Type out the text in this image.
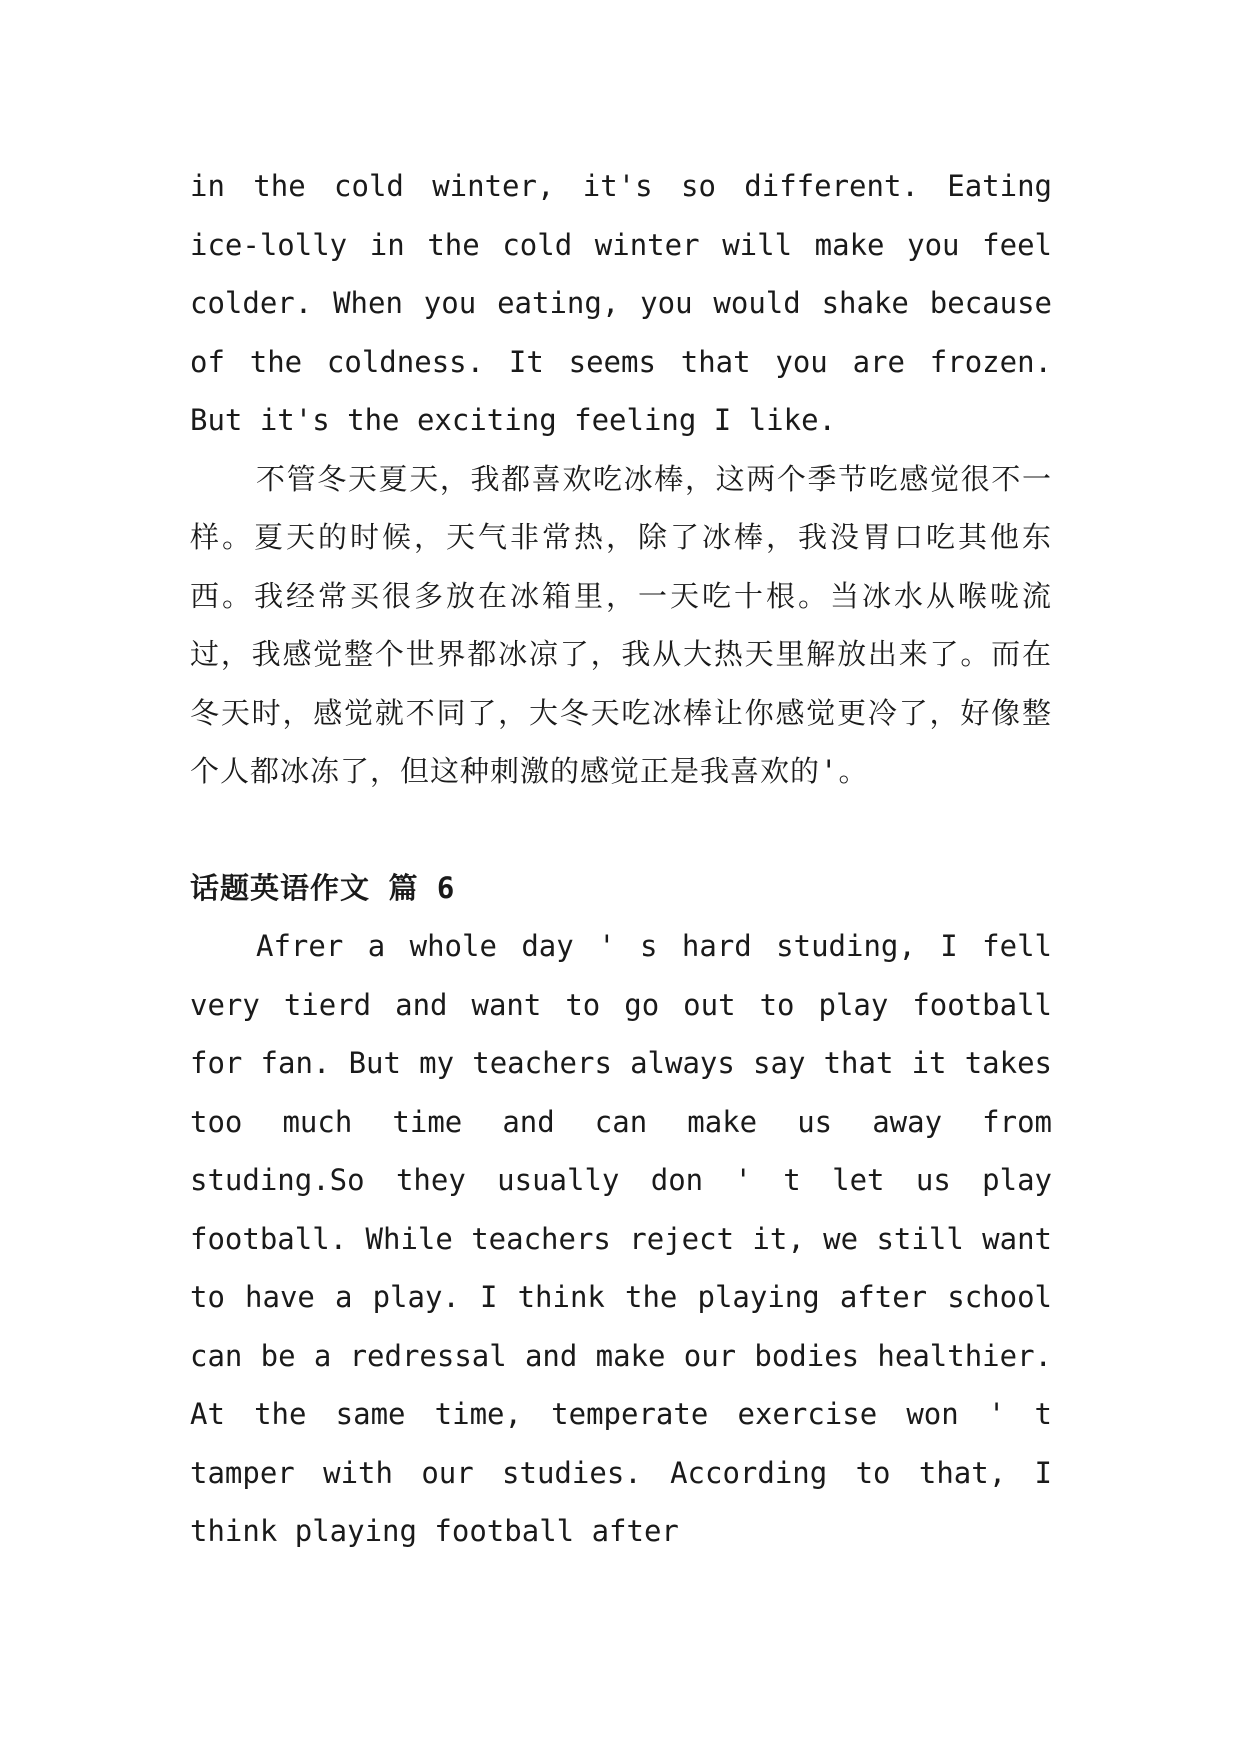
in the cold winter, it's so different. Eating ice-lolly in the cold winter will make you feel colder. When you eating, you would shake because of the coldness. It seems that you are frozen. But it's the exciting feeling I like.

不管冬天夏天，我都喜欢吃冰棒，这两个季节吃感觉很不一样。夏天的时候，天气非常热，除了冰棒，我没胃口吃其他东西。我经常买很多放在冰箱里，一天吃十根。当冰水从喉咙流过，我感觉整个世界都冰凉了，我从大热天里解放出来了。而在冬天时，感觉就不同了，大冬天吃冰棒让你感觉更冷了，好像整个人都冰冻了，但这种刺激的感觉正是我喜欢的'。

话题英语作文 篇 6

Afrer a whole day ' s hard studing, I fell very tierd and want to go out to play football for fan. But my teachers always say that it takes too much time and can make us away from studing.So they usually don ' t let us play football. While teachers reject it, we still want to have a play. I think the playing after school can be a redressal and make our bodies healthier. At the same time, temperate exercise won ' t tamper with our studies. According to that, I think playing football after
